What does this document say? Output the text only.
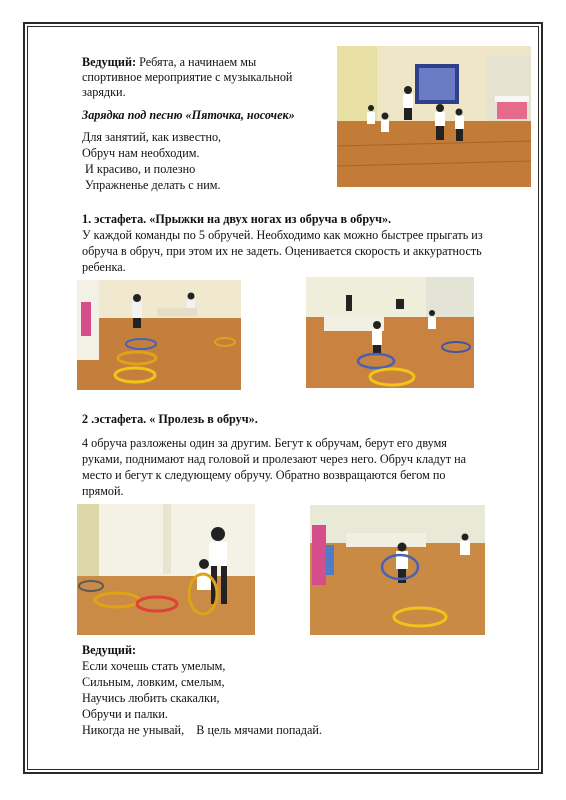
Ведущий: Ребята, а начинаем мы
спортивное мероприятие с музыкальной
зарядки.
Зарядка под песню «Пяточка, носочек»
Для занятий, как известно,
Обруч нам необходим.
И красиво, и полезно
Упражненье делать с ним.
1. эстафета. «Прыжки на двух ногах из обруча в обруч».
У каждой команды по 5 обручей. Необходимо как можно быстрее прыгать из
обруча в обруч, при этом их не задеть. Оценивается скорость и аккуратность
ребенка.
2 .эстафета. « Пролезь в обруч».
4 обруча разложены один за другим. Бегут к обручам, берут его двумя
руками, поднимают над головой и пролезают через него. Обруч кладут на
место и бегут к следующему обручу. Обратно возвращаются бегом по
прямой.
Ведущий:
Если хочешь стать умелым,
Сильным, ловким, смелым,
Научись любить скакалки,
Обручи и палки.
Никогда не унывай,    В цель мячами попадай.
